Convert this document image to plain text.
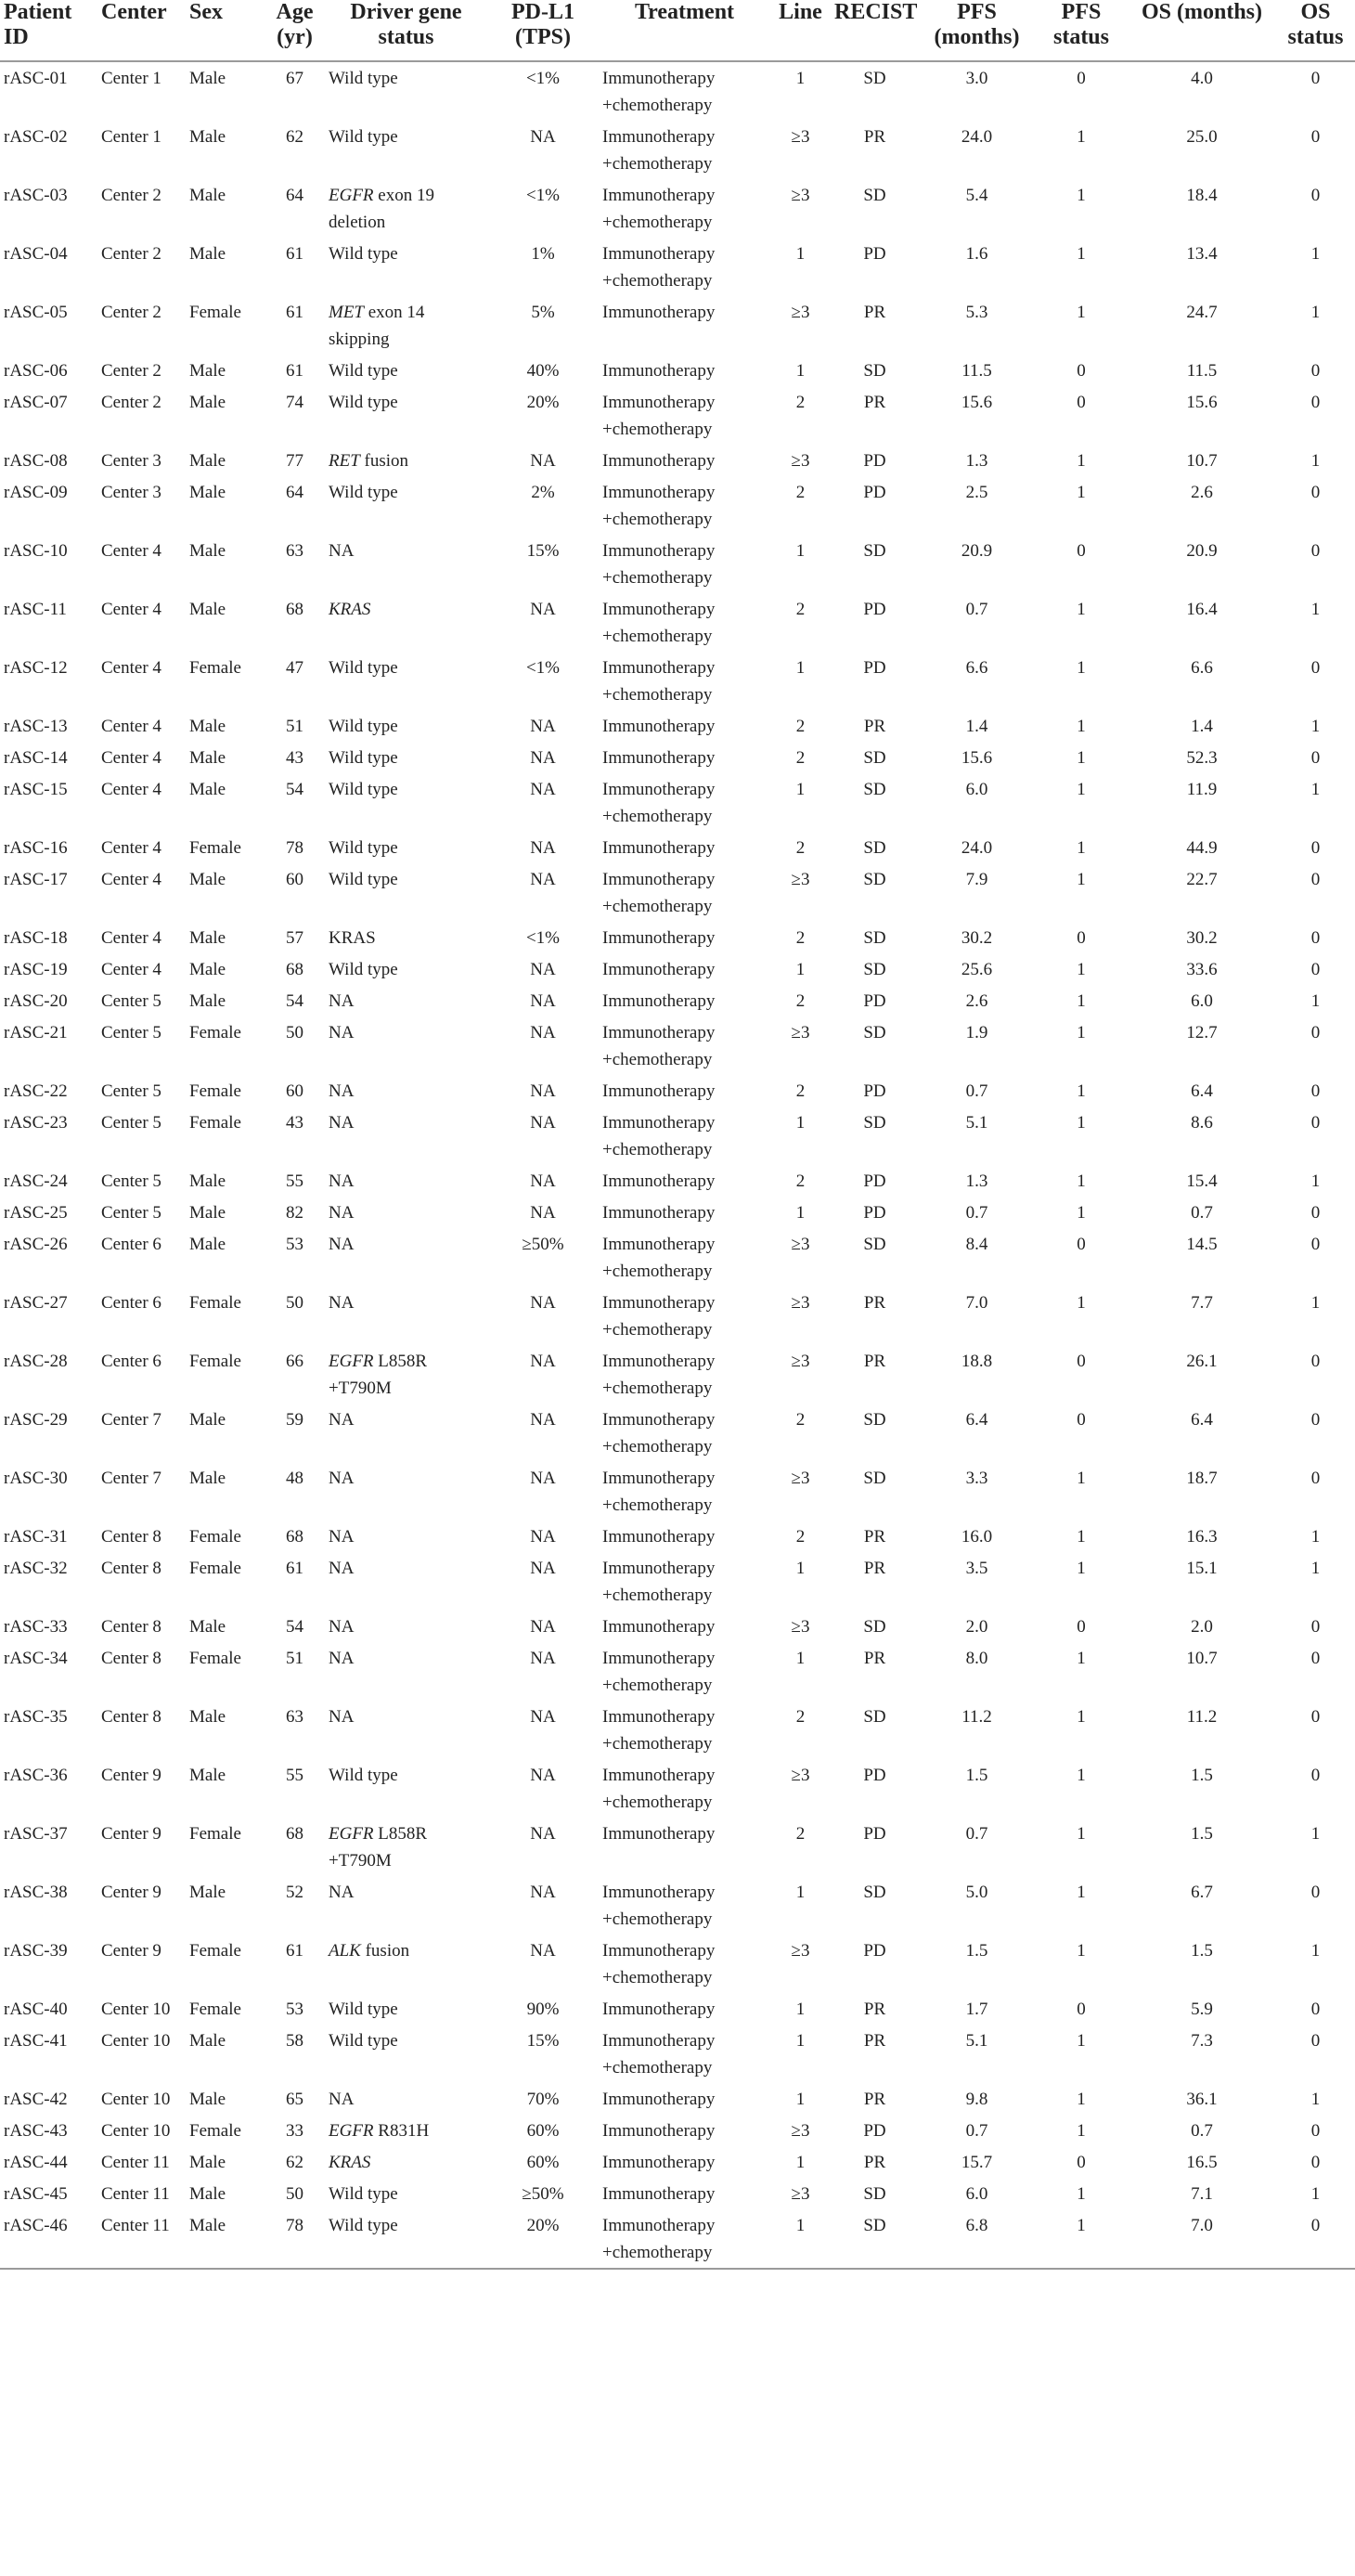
Patient ID	Center	Sex	Age (yr)	Driver gene status	PD-L1 (TPS)	Treatment	Line	RECIST	PFS (months)	PFS status	OS (months)	OS status
rASC-01	Center 1	Male	67	Wild type	<1%	Immunotherapy +chemotherapy	1	SD	3.0	0	4.0	0
rASC-02	Center 1	Male	62	Wild type	NA	Immunotherapy +chemotherapy	≥3	PR	24.0	1	25.0	0
rASC-03	Center 2	Male	64	EGFR exon 19 deletion	<1%	Immunotherapy +chemotherapy	≥3	SD	5.4	1	18.4	0
rASC-04	Center 2	Male	61	Wild type	1%	Immunotherapy +chemotherapy	1	PD	1.6	1	13.4	1
rASC-05	Center 2	Female	61	MET exon 14 skipping	5%	Immunotherapy	≥3	PR	5.3	1	24.7	1
rASC-06	Center 2	Male	61	Wild type	40%	Immunotherapy	1	SD	11.5	0	11.5	0
rASC-07	Center 2	Male	74	Wild type	20%	Immunotherapy +chemotherapy	2	PR	15.6	0	15.6	0
rASC-08	Center 3	Male	77	RET fusion	NA	Immunotherapy	≥3	PD	1.3	1	10.7	1
rASC-09	Center 3	Male	64	Wild type	2%	Immunotherapy +chemotherapy	2	PD	2.5	1	2.6	0
rASC-10	Center 4	Male	63	NA	15%	Immunotherapy +chemotherapy	1	SD	20.9	0	20.9	0
rASC-11	Center 4	Male	68	KRAS	NA	Immunotherapy +chemotherapy	2	PD	0.7	1	16.4	1
rASC-12	Center 4	Female	47	Wild type	<1%	Immunotherapy +chemotherapy	1	PD	6.6	1	6.6	0
rASC-13	Center 4	Male	51	Wild type	NA	Immunotherapy	2	PR	1.4	1	1.4	1
rASC-14	Center 4	Male	43	Wild type	NA	Immunotherapy	2	SD	15.6	1	52.3	0
rASC-15	Center 4	Male	54	Wild type	NA	Immunotherapy +chemotherapy	1	SD	6.0	1	11.9	1
rASC-16	Center 4	Female	78	Wild type	NA	Immunotherapy	2	SD	24.0	1	44.9	0
rASC-17	Center 4	Male	60	Wild type	NA	Immunotherapy +chemotherapy	≥3	SD	7.9	1	22.7	0
rASC-18	Center 4	Male	57	KRAS	<1%	Immunotherapy	2	SD	30.2	0	30.2	0
rASC-19	Center 4	Male	68	Wild type	NA	Immunotherapy	1	SD	25.6	1	33.6	0
rASC-20	Center 5	Male	54	NA	NA	Immunotherapy	2	PD	2.6	1	6.0	1
rASC-21	Center 5	Female	50	NA	NA	Immunotherapy +chemotherapy	≥3	SD	1.9	1	12.7	0
rASC-22	Center 5	Female	60	NA	NA	Immunotherapy	2	PD	0.7	1	6.4	0
rASC-23	Center 5	Female	43	NA	NA	Immunotherapy +chemotherapy	1	SD	5.1	1	8.6	0
rASC-24	Center 5	Male	55	NA	NA	Immunotherapy	2	PD	1.3	1	15.4	1
rASC-25	Center 5	Male	82	NA	NA	Immunotherapy	1	PD	0.7	1	0.7	0
rASC-26	Center 6	Male	53	NA	≥50%	Immunotherapy +chemotherapy	≥3	SD	8.4	0	14.5	0
rASC-27	Center 6	Female	50	NA	NA	Immunotherapy +chemotherapy	≥3	PR	7.0	1	7.7	1
rASC-28	Center 6	Female	66	EGFR L858R +T790M	NA	Immunotherapy +chemotherapy	≥3	PR	18.8	0	26.1	0
rASC-29	Center 7	Male	59	NA	NA	Immunotherapy +chemotherapy	2	SD	6.4	0	6.4	0
rASC-30	Center 7	Male	48	NA	NA	Immunotherapy +chemotherapy	≥3	SD	3.3	1	18.7	0
rASC-31	Center 8	Female	68	NA	NA	Immunotherapy	2	PR	16.0	1	16.3	1
rASC-32	Center 8	Female	61	NA	NA	Immunotherapy +chemotherapy	1	PR	3.5	1	15.1	1
rASC-33	Center 8	Male	54	NA	NA	Immunotherapy	≥3	SD	2.0	0	2.0	0
rASC-34	Center 8	Female	51	NA	NA	Immunotherapy +chemotherapy	1	PR	8.0	1	10.7	0
rASC-35	Center 8	Male	63	NA	NA	Immunotherapy +chemotherapy	2	SD	11.2	1	11.2	0
rASC-36	Center 9	Male	55	Wild type	NA	Immunotherapy +chemotherapy	≥3	PD	1.5	1	1.5	0
rASC-37	Center 9	Female	68	EGFR L858R +T790M	NA	Immunotherapy	2	PD	0.7	1	1.5	1
rASC-38	Center 9	Male	52	NA	NA	Immunotherapy +chemotherapy	1	SD	5.0	1	6.7	0
rASC-39	Center 9	Female	61	ALK fusion	NA	Immunotherapy +chemotherapy	≥3	PD	1.5	1	1.5	1
rASC-40	Center 10	Female	53	Wild type	90%	Immunotherapy	1	PR	1.7	0	5.9	0
rASC-41	Center 10	Male	58	Wild type	15%	Immunotherapy +chemotherapy	1	PR	5.1	1	7.3	0
rASC-42	Center 10	Male	65	NA	70%	Immunotherapy	1	PR	9.8	1	36.1	1
rASC-43	Center 10	Female	33	EGFR R831H	60%	Immunotherapy	≥3	PD	0.7	1	0.7	0
rASC-44	Center 11	Male	62	KRAS	60%	Immunotherapy	1	PR	15.7	0	16.5	0
rASC-45	Center 11	Male	50	Wild type	≥50%	Immunotherapy	≥3	SD	6.0	1	7.1	1
rASC-46	Center 11	Male	78	Wild type	20%	Immunotherapy +chemotherapy	1	SD	6.8	1	7.0	0
